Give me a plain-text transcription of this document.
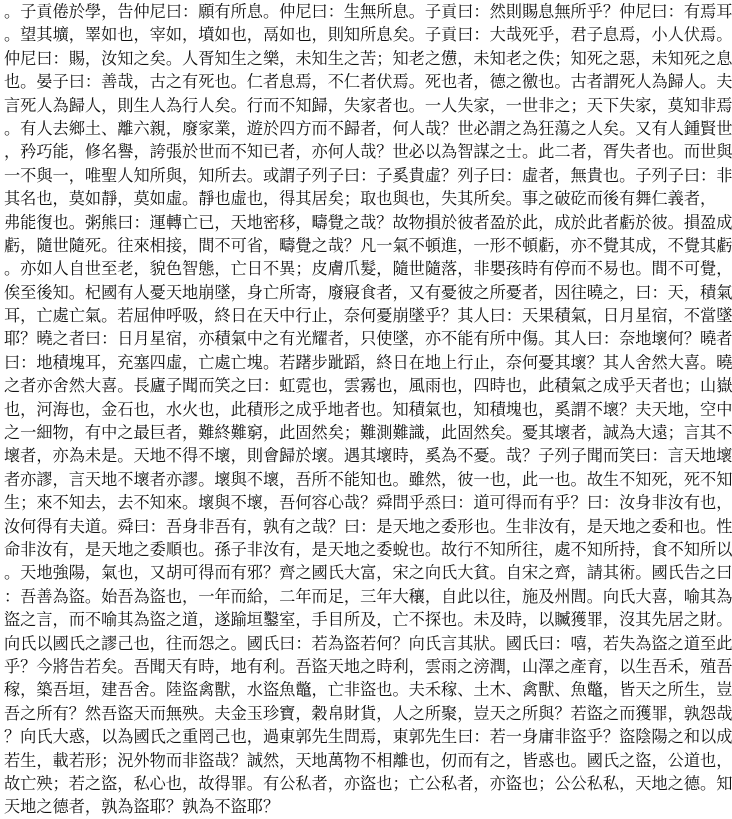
。子貢倦於學，告仲尼曰：願有所息。仲尼曰：生無所息。子貢曰：然則賜息無所乎？仲尼曰：有焉耳
。望其壙，睪如也，宰如，墳如也，鬲如也，則知所息矣。子貢曰：大哉死乎，君子息焉，小人伏焉。
仲尼曰：賜，汝知之矣。人胥知生之樂，未知生之苦；知老之憊，未知老之佚；知死之惡，未知死之息
也。晏子曰：善哉，古之有死也。仁者息焉，不仁者伏焉。死也者，德之徼也。古者謂死人為歸人。夫
言死人為歸人，則生人為行人矣。行而不知歸，失家者也。一人失家，一世非之；天下失家，莫知非焉
。有人去鄉土、離六親，廢家業，遊於四方而不歸者，何人哉？世必謂之為狂蕩之人矣。又有人鍾賢世
，矜巧能，修名譽，誇張於世而不知已者，亦何人哉？世必以為智謀之士。此二者，胥失者也。而世與
一不與一，唯聖人知所與，知所去。或謂子列子曰：子奚貴虛？列子曰：虛者，無貴也。子列子曰：非
其名也，莫如靜，莫如虛。靜也虛也，得其居矣；取也與也，失其所矣。事之破矻而後有舞仁義者，
弗能復也。粥熊曰：運轉亡已，天地密移，疇覺之哉？故物損於彼者盈於此，成於此者虧於彼。損盈成
虧，隨世隨死。往來相接，間不可省，疇覺之哉？凡一氣不頓進，一形不頓虧，亦不覺其成，不覺其虧
。亦如人自世至老，貌色智態，亡日不異；皮膚爪髮，隨世隨落，非嬰孩時有停而不易也。間不可覺，
俟至後知。杞國有人憂天地崩墜，身亡所寄，廢寢食者，又有憂彼之所憂者，因往曉之，曰：天，積氣
耳，亡處亡氣。若屈伸呼吸，終日在天中行止，奈何憂崩墜乎？其人曰：天果積氣，日月星宿，不當墜
耶？曉之者曰：日月星宿，亦積氣中之有光耀者，只使墜，亦不能有所中傷。其人曰：奈地壞何？曉者
曰：地積塊耳，充塞四虛，亡處亡塊。若躇步跐蹈，終日在地上行止，奈何憂其壞？其人舍然大喜。曉
之者亦舍然大喜。長廬子聞而笑之曰：虹霓也，雲霧也，風雨也，四時也，此積氣之成乎天者也；山嶽
也，河海也，金石也，水火也，此積形之成乎地者也。知積氣也，知積塊也，奚謂不壞？夫天地，空中
之一細物，有中之最巨者，難終難窮，此固然矣；難測難識，此固然矣。憂其壞者，誠為大遠；言其不
壞者，亦為未是。天地不得不壞，則會歸於壞。遇其壞時，奚為不憂。哉？子列子聞而笑曰：言天地壞
者亦謬，言天地不壞者亦謬。壞與不壞，吾所不能知也。雖然，彼一也，此一也。故生不知死，死不知
生；來不知去，去不知來。壞與不壞，吾何容心哉？舜問乎烝曰：道可得而有乎？曰：汝身非汝有也，
汝何得有夫道。舜曰：吾身非吾有，孰有之哉？曰：是天地之委形也。生非汝有，是天地之委和也。性
命非汝有，是天地之委順也。孫子非汝有，是天地之委蛻也。故行不知所往，處不知所持，食不知所以
。天地強陽，氣也，又胡可得而有邪？齊之國氏大富，宋之向氏大貧。自宋之齊，請其術。國氏告之曰
：吾善為盜。始吾為盜也，一年而給，二年而足，三年大穰，自此以往，施及州閭。向氏大喜，喻其為
盜之言，而不喻其為盜之道，遂踰垣鑿室，手目所及，亡不探也。未及時，以贓獲罪，沒其先居之財。
向氏以國氏之謬己也，往而怨之。國氏曰：若為盜若何？向氏言其狀。國氏曰：嘻，若失為盜之道至此
乎？今將告若矣。吾聞天有時，地有利。吾盜天地之時利，雲雨之滂潤，山澤之產育，以生吾禾，殖吾
稼，築吾垣，建吾舍。陸盜禽獸，水盜魚鼈，亡非盜也。夫禾稼、土木、禽獸、魚鼈，皆天之所生，豈
吾之所有？然吾盜天而無殃。夫金玉珍寶，穀帛財貨，人之所聚，豈天之所與？若盜之而獲罪，孰怨哉
？向氏大惑，以為國氏之重罔己也，過東郭先生問焉，東郭先生曰：若一身庸非盜乎？盜陰陽之和以成
若生，載若形；況外物而非盜哉？誠然，天地萬物不相離也，仞而有之，皆惑也。國氏之盜，公道也，
故亡殃；若之盜，私心也，故得罪。有公私者，亦盜也；亡公私者，亦盜也；公公私私，天地之德。知
天地之德者，孰為盜耶？孰為不盜耶？
